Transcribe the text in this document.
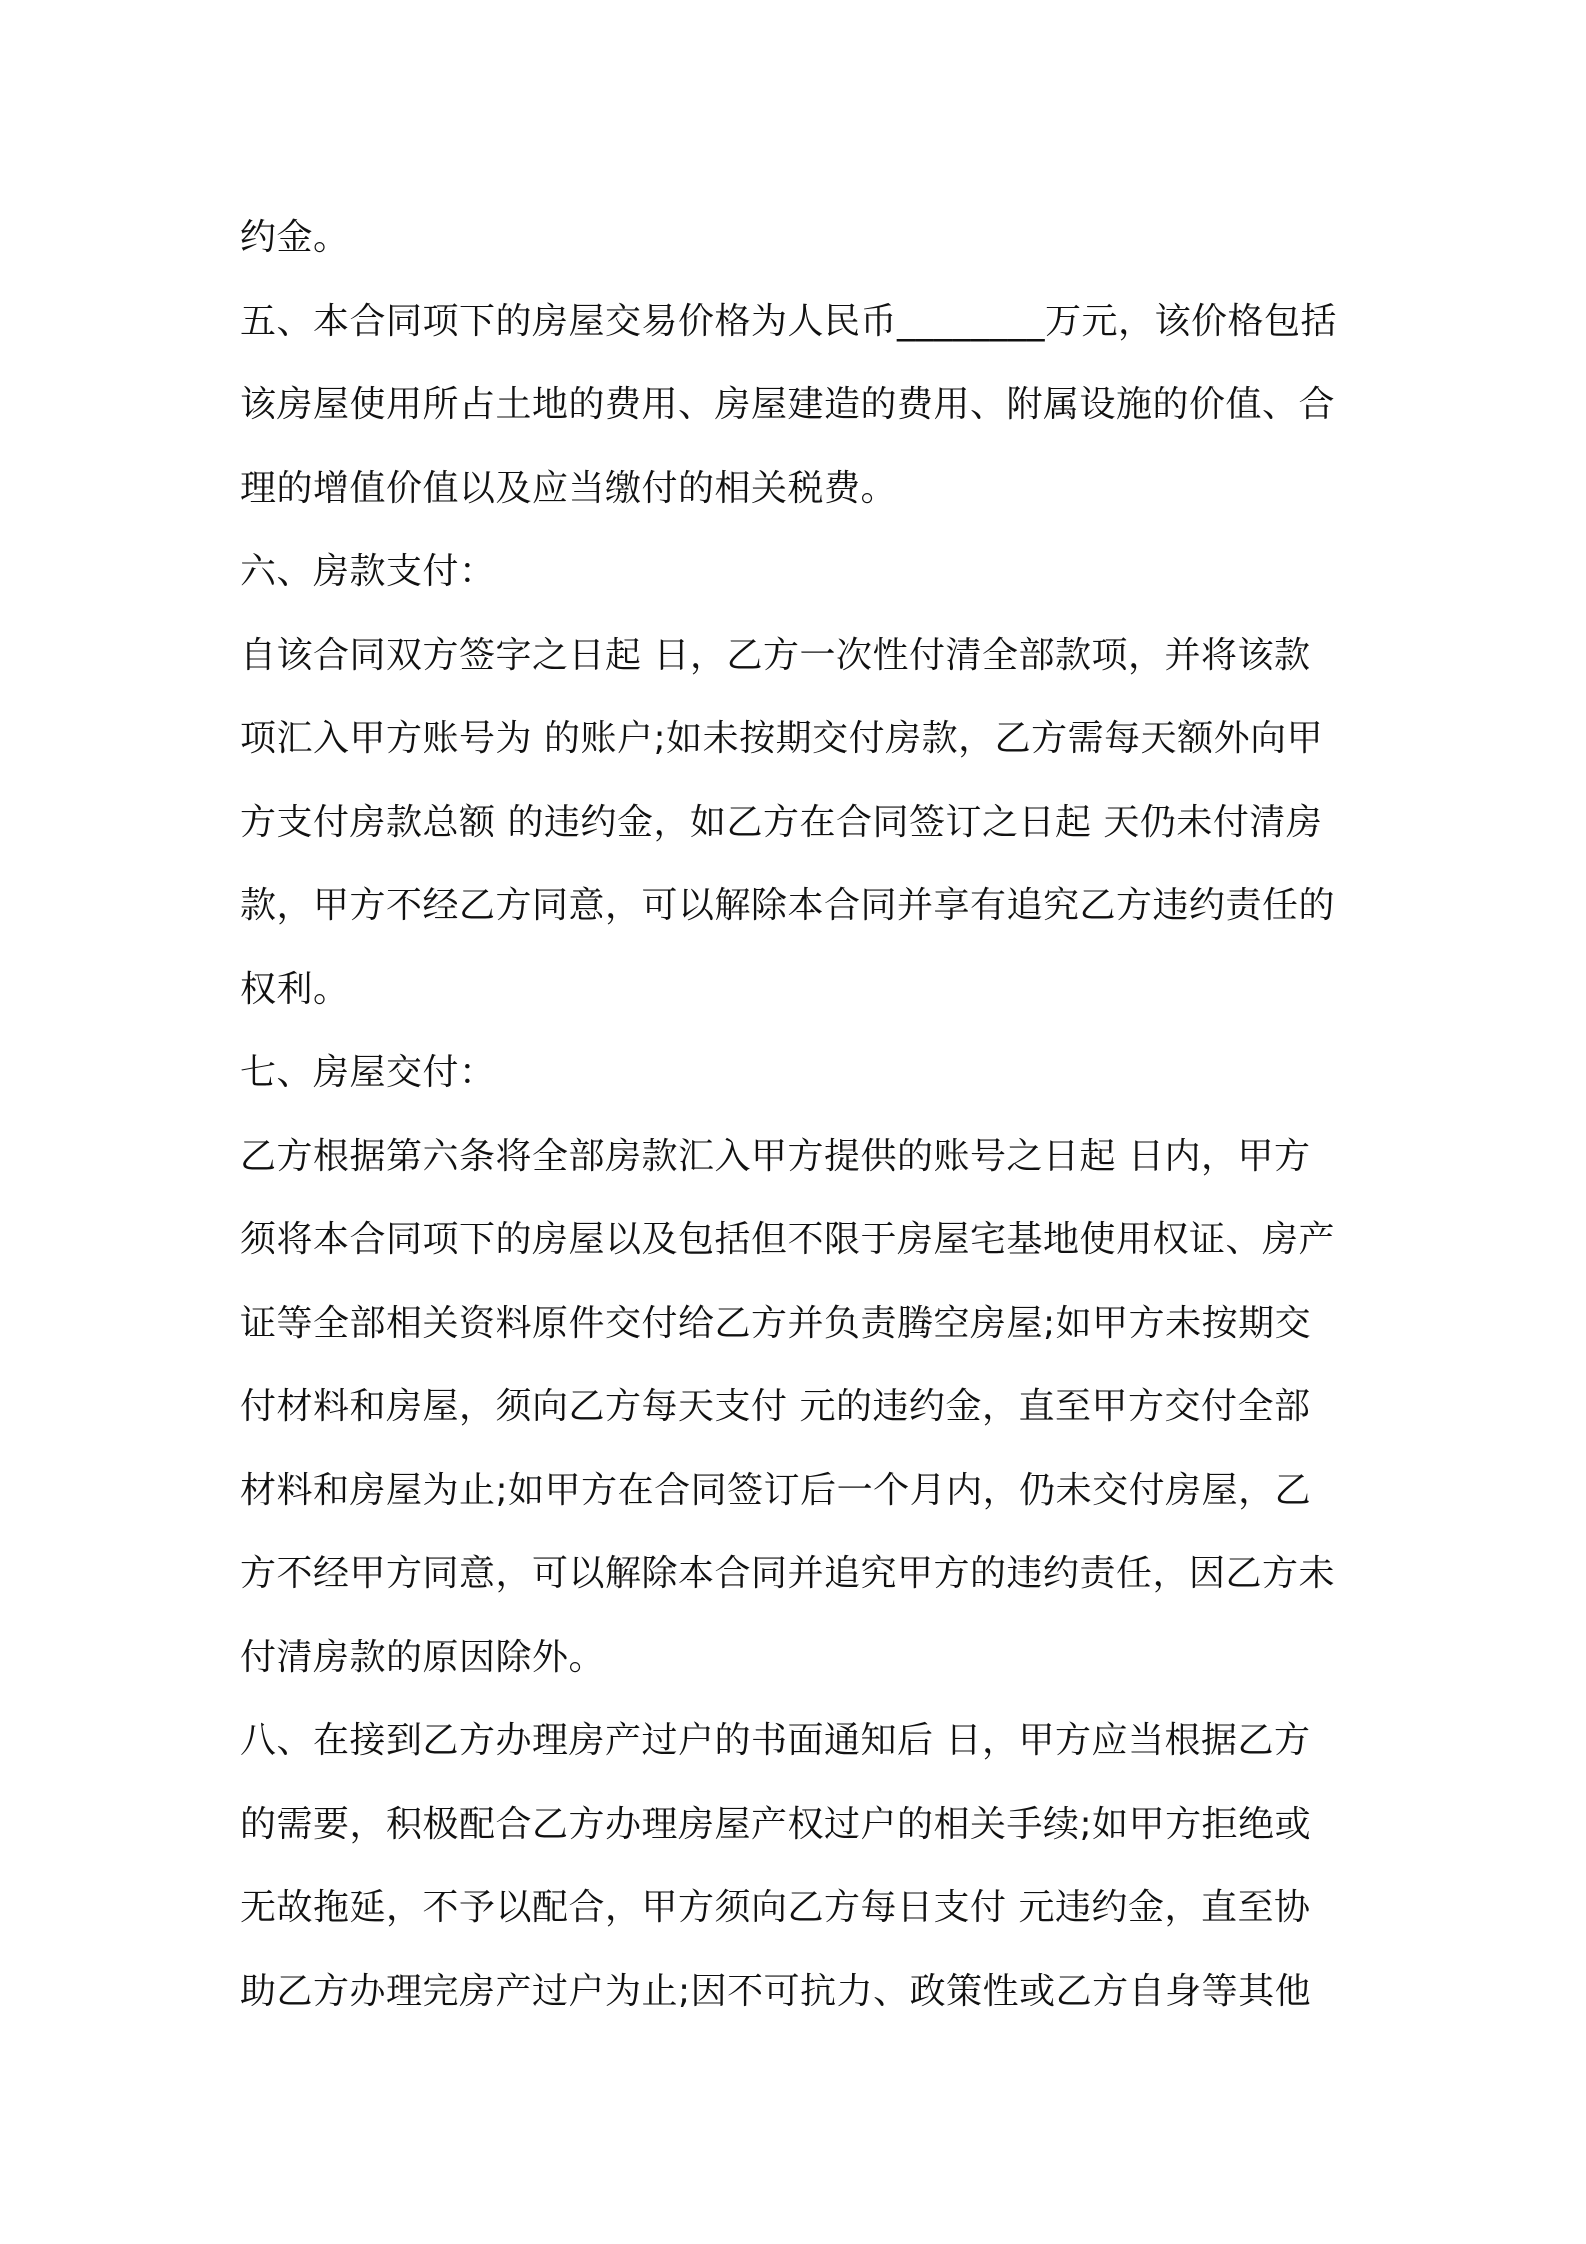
约金。
五、本合同项下的房屋交易价格为人民币________万元，该价格包括
该房屋使用所占土地的费用、房屋建造的费用、附属设施的价值、合
理的增值价值以及应当缴付的相关税费。
六、房款支付：
自该合同双方签字之日起 日，乙方一次性付清全部款项，并将该款
项汇入甲方账号为 的账户;如未按期交付房款，乙方需每天额外向甲
方支付房款总额 的违约金，如乙方在合同签订之日起 天仍未付清房
款，甲方不经乙方同意，可以解除本合同并享有追究乙方违约责任的
权利。
七、房屋交付：
乙方根据第六条将全部房款汇入甲方提供的账号之日起 日内，甲方
须将本合同项下的房屋以及包括但不限于房屋宅基地使用权证、房产
证等全部相关资料原件交付给乙方并负责腾空房屋;如甲方未按期交
付材料和房屋，须向乙方每天支付 元的违约金，直至甲方交付全部
材料和房屋为止;如甲方在合同签订后一个月内，仍未交付房屋，乙
方不经甲方同意，可以解除本合同并追究甲方的违约责任，因乙方未
付清房款的原因除外。
八、在接到乙方办理房产过户的书面通知后 日，甲方应当根据乙方
的需要，积极配合乙方办理房屋产权过户的相关手续;如甲方拒绝或
无故拖延，不予以配合，甲方须向乙方每日支付 元违约金，直至协
助乙方办理完房产过户为止;因不可抗力、政策性或乙方自身等其他
